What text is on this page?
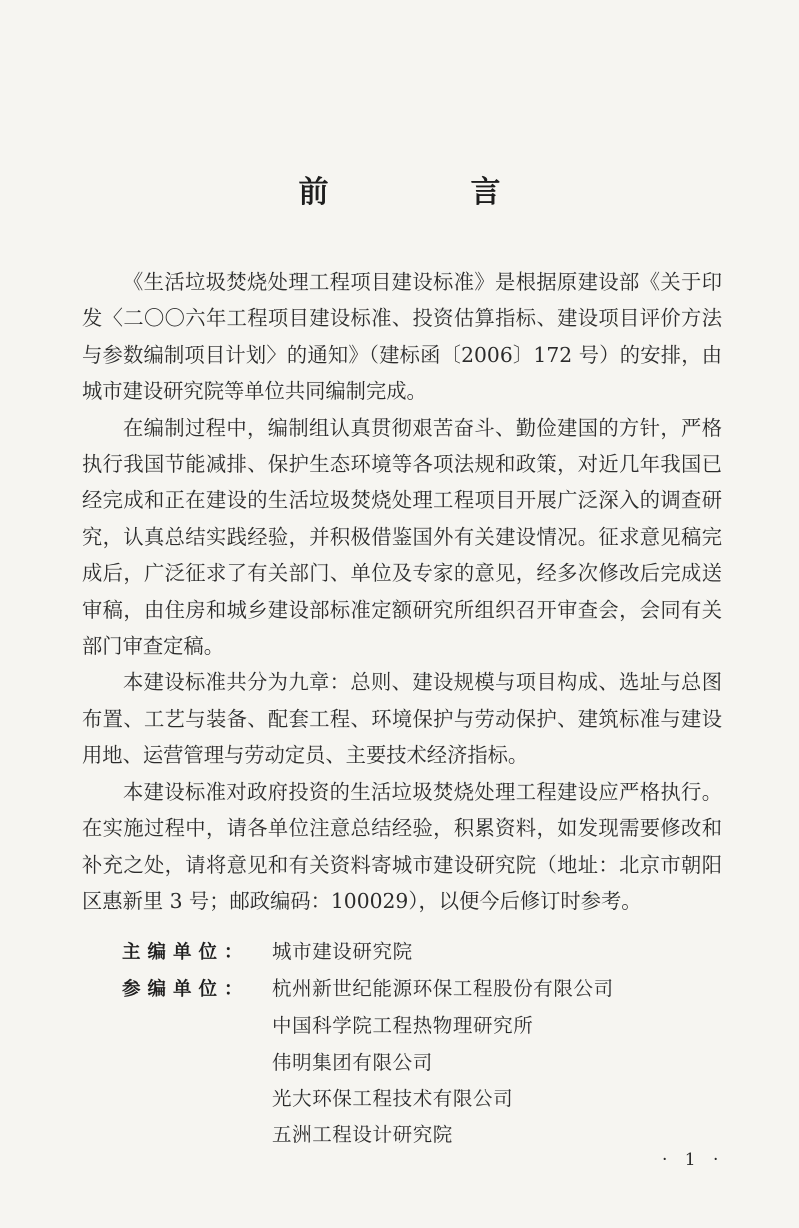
前　言

《生活垃圾焚烧处理工程项目建设标准》是根据原建设部《关于印发〈二〇〇六年工程项目建设标准、投资估算指标、建设项目评价方法与参数编制项目计划〉的通知》（建标函〔2006〕172 号）的安排，由城市建设研究院等单位共同编制完成。

在编制过程中，编制组认真贯彻艰苦奋斗、勤俭建国的方针，严格执行我国节能减排、保护生态环境等各项法规和政策，对近几年我国已经完成和正在建设的生活垃圾焚烧处理工程项目开展广泛深入的调查研究，认真总结实践经验，并积极借鉴国外有关建设情况。征求意见稿完成后，广泛征求了有关部门、单位及专家的意见，经多次修改后完成送审稿，由住房和城乡建设部标准定额研究所组织召开审查会，会同有关部门审查定稿。

本建设标准共分为九章：总则、建设规模与项目构成、选址与总图布置、工艺与装备、配套工程、环境保护与劳动保护、建筑标准与建设用地、运营管理与劳动定员、主要技术经济指标。

本建设标准对政府投资的生活垃圾焚烧处理工程建设应严格执行。在实施过程中，请各单位注意总结经验，积累资料，如发现需要修改和补充之处，请将意见和有关资料寄城市建设研究院（地址：北京市朝阳区惠新里 3 号；邮政编码：100029），以便今后修订时参考。

主编单位：	城市建设研究院
参编单位：	杭州新世纪能源环保工程股份有限公司
中国科学院工程热物理研究所
伟明集团有限公司
光大环保工程技术有限公司
五洲工程设计研究院
· 1 ·
